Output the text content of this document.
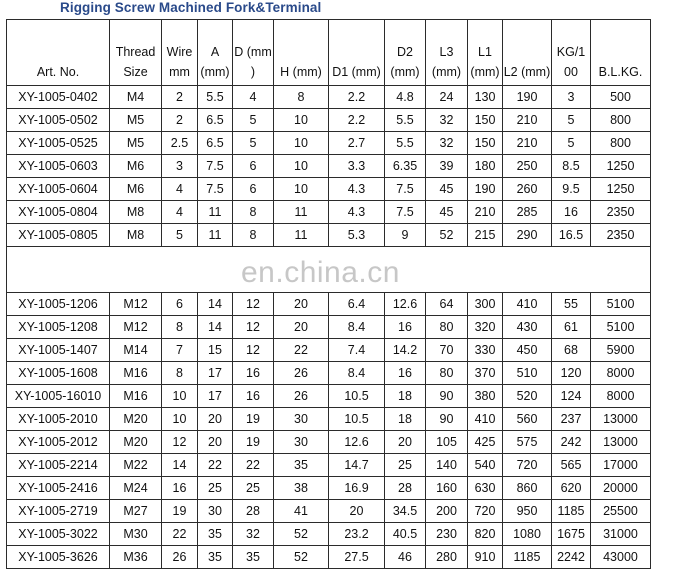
Rigging Screw Machined Fork&Terminal
Art. No.	Thread Size	Wire mm	A (mm)	D (mm )	H (mm)	D1 (mm)	D2 (mm)	L3 (mm)	L1 (mm)	L2 (mm)	KG/1 00	B.L.KG.
XY-1005-0402	M4	2	5.5	4	8	2.2	4.8	24	130	190	3	500
XY-1005-0502	M5	2	6.5	5	10	2.2	5.5	32	150	210	5	800
XY-1005-0525	M5	2.5	6.5	5	10	2.7	5.5	32	150	210	5	800
XY-1005-0603	M6	3	7.5	6	10	3.3	6.35	39	180	250	8.5	1250
XY-1005-0604	M6	4	7.5	6	10	4.3	7.5	45	190	260	9.5	1250
XY-1005-0804	M8	4	11	8	11	4.3	7.5	45	210	285	16	2350
XY-1005-0805	M8	5	11	8	11	5.3	9	52	215	290	16.5	2350

XY-1005-1206	M12	6	14	12	20	6.4	12.6	64	300	410	55	5100
XY-1005-1208	M12	8	14	12	20	8.4	16	80	320	430	61	5100
XY-1005-1407	M14	7	15	12	22	7.4	14.2	70	330	450	68	5900
XY-1005-1608	M16	8	17	16	26	8.4	16	80	370	510	120	8000
XY-1005-16010	M16	10	17	16	26	10.5	18	90	380	520	124	8000
XY-1005-2010	M20	10	20	19	30	10.5	18	90	410	560	237	13000
XY-1005-2012	M20	12	20	19	30	12.6	20	105	425	575	242	13000
XY-1005-2214	M22	14	22	22	35	14.7	25	140	540	720	565	17000
XY-1005-2416	M24	16	25	25	38	16.9	28	160	630	860	620	20000
XY-1005-2719	M27	19	30	28	41	20	34.5	200	720	950	1185	25500
XY-1005-3022	M30	22	35	32	52	23.2	40.5	230	820	1080	1675	31000
XY-1005-3626	M36	26	35	35	52	27.5	46	280	910	1185	2242	43000
en.china.cn
